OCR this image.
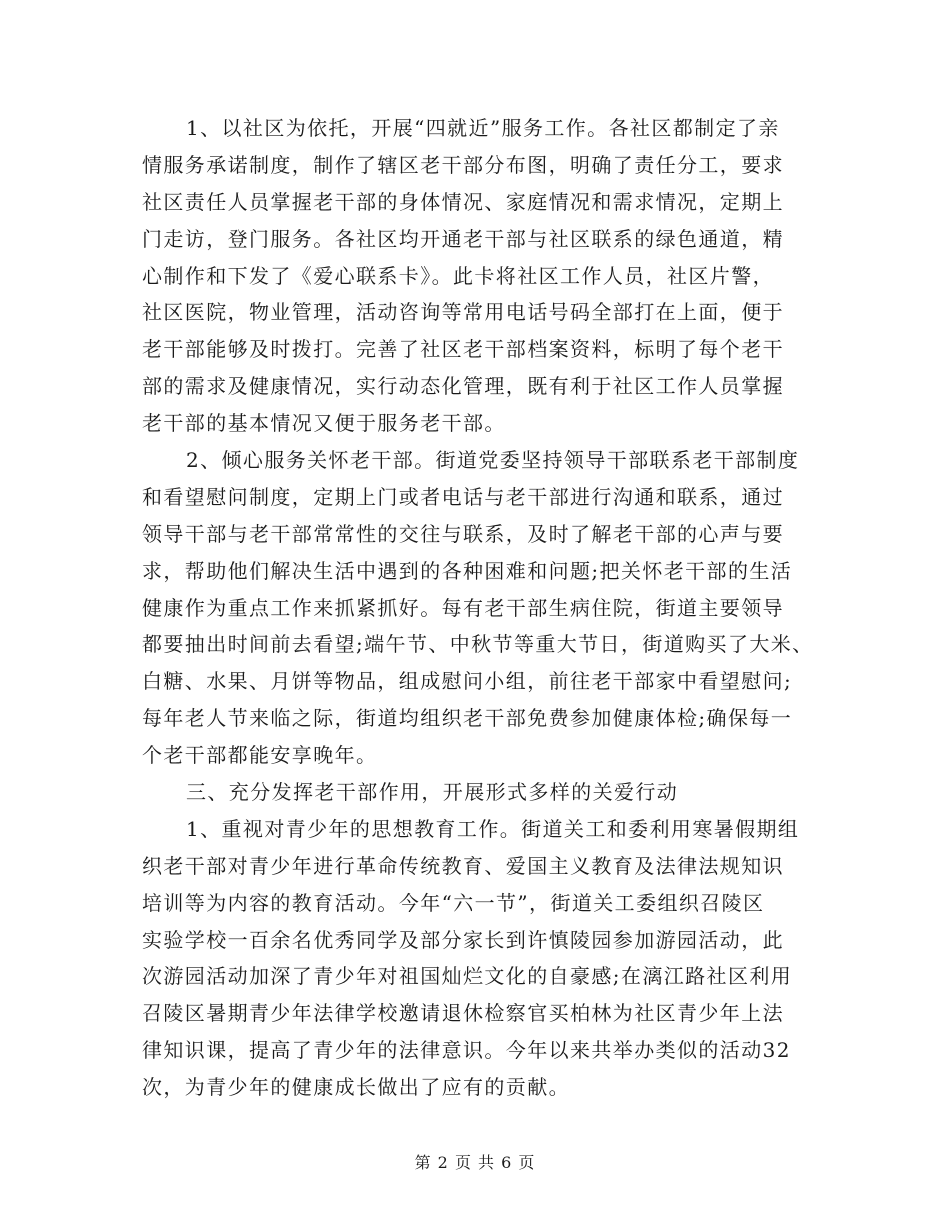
1、以社区为依托，开展“四就近”服务工作。各社区都制定了亲
情服务承诺制度，制作了辖区老干部分布图，明确了责任分工，要求
社区责任人员掌握老干部的身体情况、家庭情况和需求情况，定期上
门走访，登门服务。各社区均开通老干部与社区联系的绿色通道，精
心制作和下发了《爱心联系卡》。此卡将社区工作人员，社区片警，
社区医院，物业管理，活动咨询等常用电话号码全部打在上面，便于
老干部能够及时拨打。完善了社区老干部档案资料，标明了每个老干
部的需求及健康情况，实行动态化管理，既有利于社区工作人员掌握
老干部的基本情况又便于服务老干部。
2、倾心服务关怀老干部。街道党委坚持领导干部联系老干部制度
和看望慰问制度，定期上门或者电话与老干部进行沟通和联系，通过
领导干部与老干部常常性的交往与联系，及时了解老干部的心声与要
求，帮助他们解决生活中遇到的各种困难和问题;把关怀老干部的生活
健康作为重点工作来抓紧抓好。每有老干部生病住院，街道主要领导
都要抽出时间前去看望;端午节、中秋节等重大节日，街道购买了大米、
白糖、水果、月饼等物品，组成慰问小组，前往老干部家中看望慰问;
每年老人节来临之际，街道均组织老干部免费参加健康体检;确保每一
个老干部都能安享晚年。
三、充分发挥老干部作用，开展形式多样的关爱行动
1、重视对青少年的思想教育工作。街道关工和委利用寒暑假期组
织老干部对青少年进行革命传统教育、爱国主义教育及法律法规知识
培训等为内容的教育活动。今年“六一节”，街道关工委组织召陵区
实验学校一百余名优秀同学及部分家长到许慎陵园参加游园活动，此
次游园活动加深了青少年对祖国灿烂文化的自豪感;在漓江路社区利用
召陵区暑期青少年法律学校邀请退休检察官买柏林为社区青少年上法
律知识课，提高了青少年的法律意识。今年以来共举办类似的活动32
次，为青少年的健康成长做出了应有的贡献。
第 2 页 共 6 页
